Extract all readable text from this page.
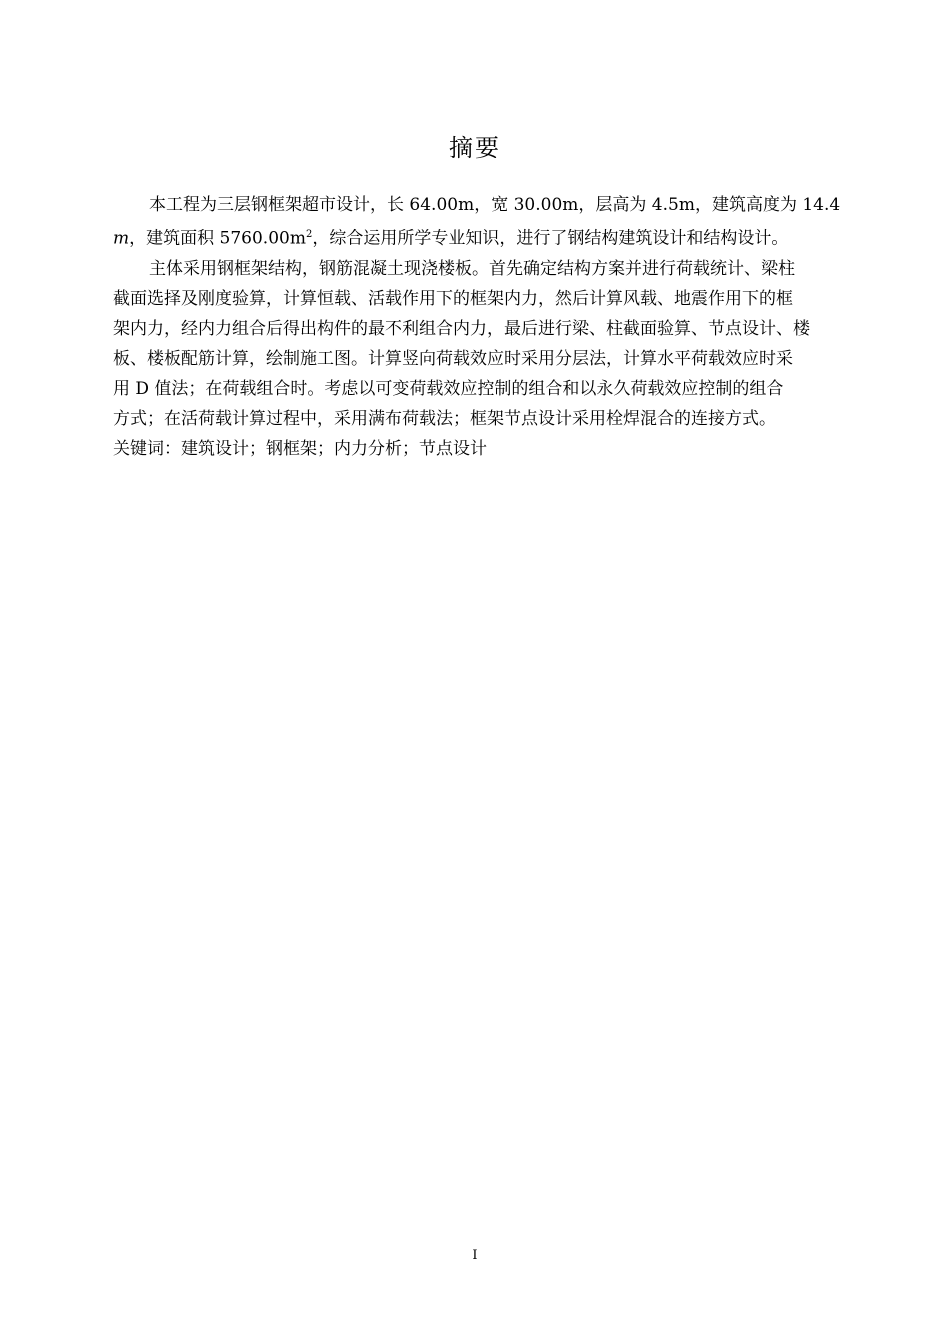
摘要

本工程为三层钢框架超市设计，长 64.00m，宽 30.00m，层高为 4.5m，建筑高度为 14.4
m，建筑面积 $5760.00m^2$，综合运用所学专业知识，进行了钢结构建筑设计和结构设计。

主体采用钢框架结构，钢筋混凝土现浇楼板。首先确定结构方案并进行荷载统计、梁柱
截面选择及刚度验算，计算恒载、活载作用下的框架内力，然后计算风载、地震作用下的框
架内力，经内力组合后得出构件的最不利组合内力，最后进行梁、柱截面验算、节点设计、楼
板、楼板配筋计算，绘制施工图。计算竖向荷载效应时采用分层法，计算水平荷载效应时采
用 D 值法；在荷载组合时。考虑以可变荷载效应控制的组合和以永久荷载效应控制的组合
方式；在活荷载计算过程中，采用满布荷载法；框架节点设计采用栓焊混合的连接方式。

关键词：建筑设计；钢框架；内力分析；节点设计

I
